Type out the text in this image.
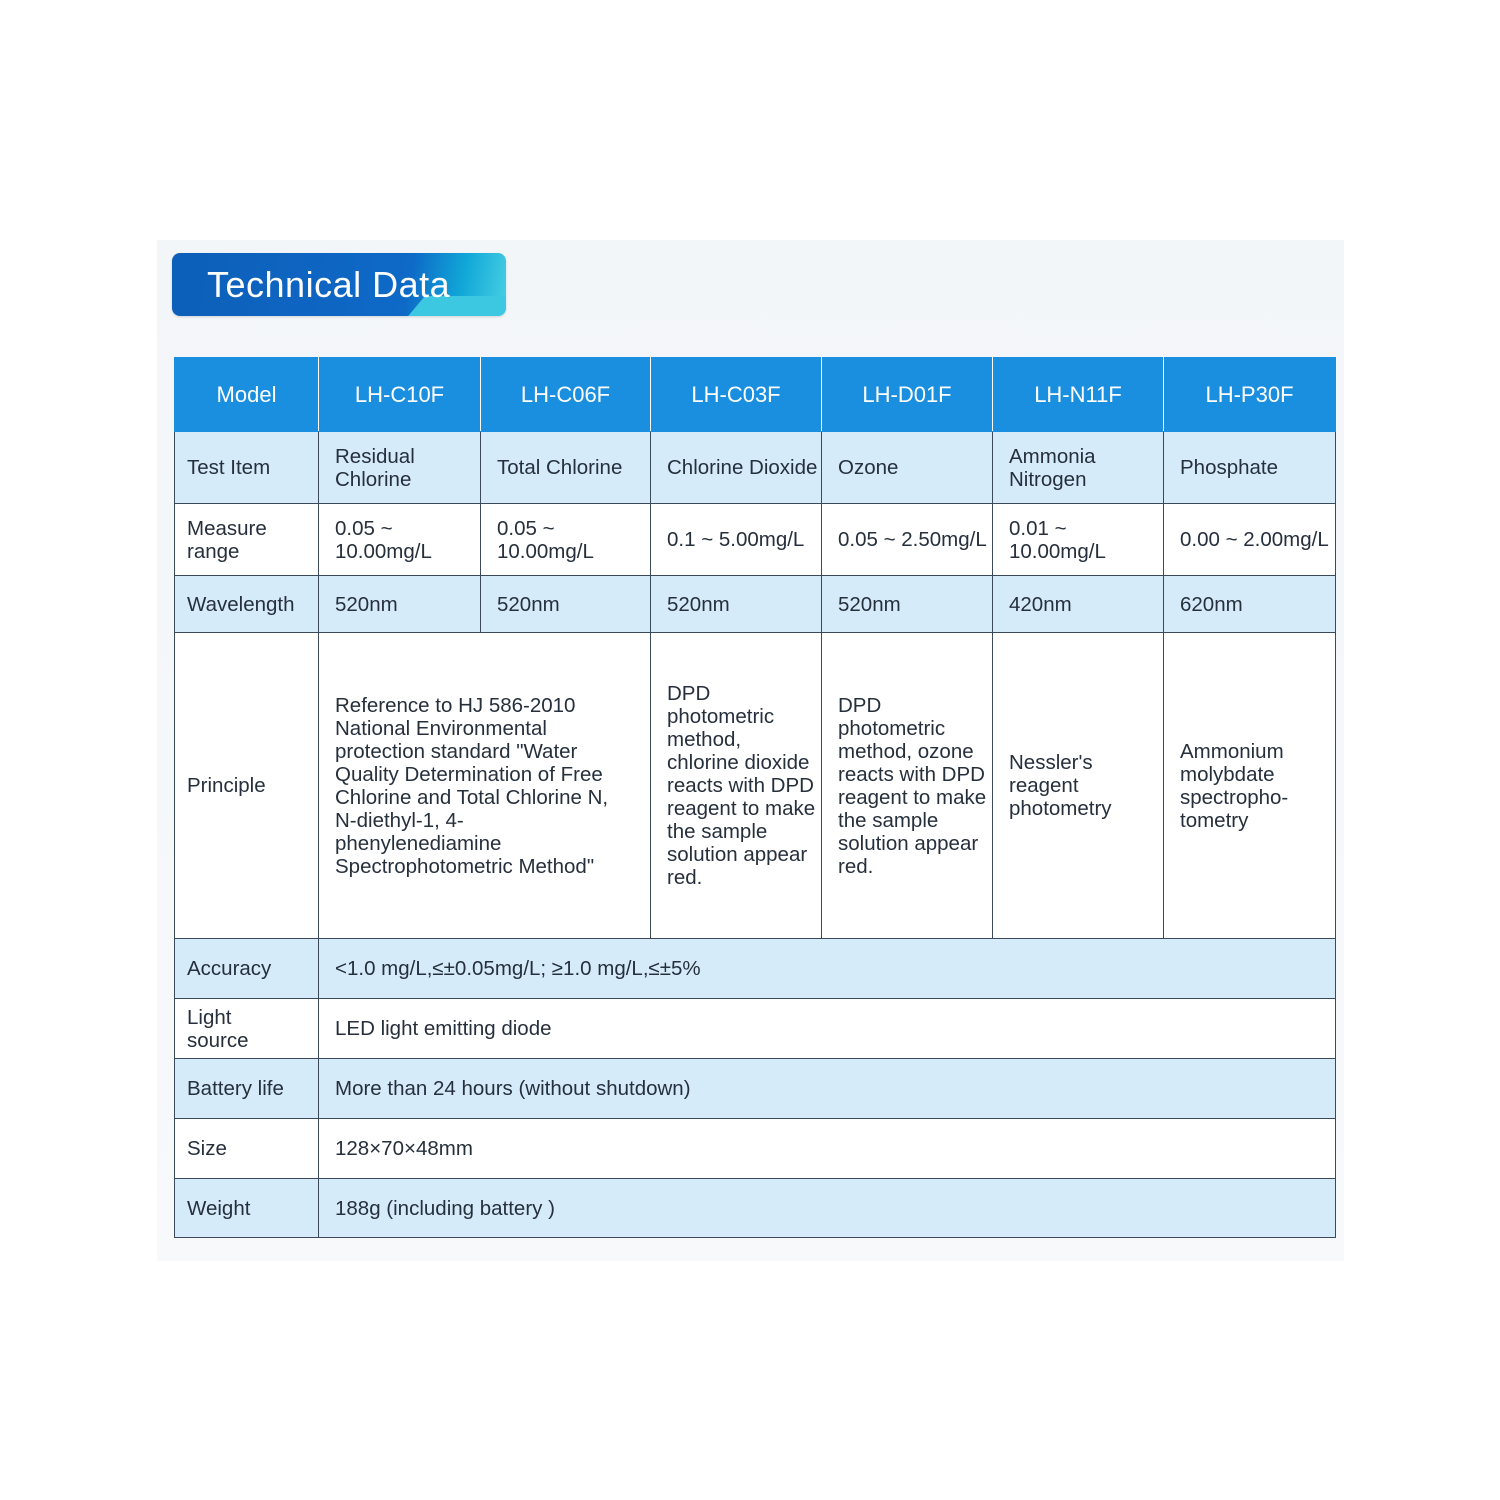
Technical Data
Model	LH-C10F	LH-C06F	LH-C03F	LH-D01F	LH-N11F	LH-P30F
Test Item	Residual Chlorine	Total Chlorine	Chlorine Dioxide	Ozone	Ammonia Nitrogen	Phosphate
Measure range	0.05 ~ 10.00mg/L	0.05 ~ 10.00mg/L	0.1 ~ 5.00mg/L	0.05 ~ 2.50mg/L	0.01 ~ 10.00mg/L	0.00 ~ 2.00mg/L
Wavelength	520nm	520nm	520nm	520nm	420nm	620nm
Principle	Reference to HJ 586-2010 National Environmental protection standard "Water Quality Determination of Free Chlorine and Total Chlorine N, N-diethyl-1, 4-phenylenediamine Spectrophotometric Method"		DPD photometric method, chlorine dioxide reacts with DPD reagent to make the sample solution appear red.	DPD photometric method, ozone reacts with DPD reagent to make the sample solution appear red.	Nessler's reagent photometry	Ammonium molybdate spectropho-tometry
Accuracy	<1.0 mg/L,≤±0.05mg/L; ≥1.0 mg/L,≤±5%					
Light source	LED light emitting diode					
Battery life	More than 24 hours (without shutdown)					
Size	128×70×48mm					
Weight	188g (including battery )					
